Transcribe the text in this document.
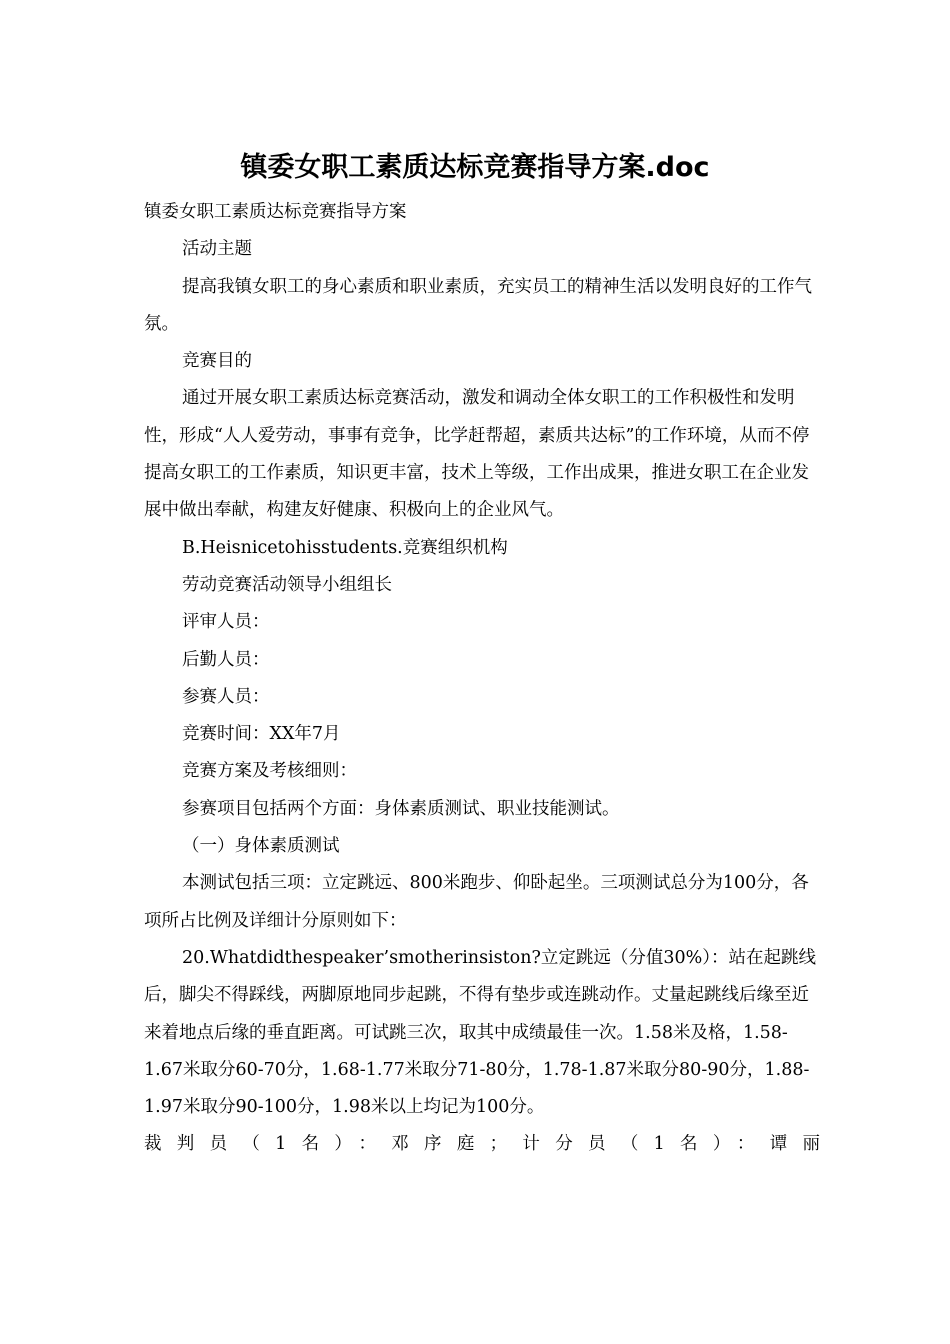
镇委女职工素质达标竞赛指导方案.doc

镇委女职工素质达标竞赛指导方案

活动主题

提高我镇女职工的身心素质和职业素质，充实员工的精神生活以发明良好的工作气氛。

竞赛目的

通过开展女职工素质达标竞赛活动，激发和调动全体女职工的工作积极性和发明性，形成“人人爱劳动，事事有竞争，比学赶帮超，素质共达标”的工作环境，从而不停提高女职工的工作素质，知识更丰富，技术上等级，工作出成果，推进女职工在企业发展中做出奉献，构建友好健康、积极向上的企业风气。

B.Heisnicetohisstudents.竞赛组织机构

劳动竞赛活动领导小组组长

评审人员：

后勤人员：

参赛人员：

竞赛时间：XX年7月

竞赛方案及考核细则：

参赛项目包括两个方面：身体素质测试、职业技能测试。

（一）身体素质测试

本测试包括三项：立定跳远、800米跑步、仰卧起坐。三项测试总分为100分，各项所占比例及详细计分原则如下：

20.Whatdidthespeaker’smotherinsiston?立定跳远（分值30%）：站在起跳线后，脚尖不得踩线，两脚原地同步起跳，不得有垫步或连跳动作。丈量起跳线后缘至近来着地点后缘的垂直距离。可试跳三次，取其中成绩最佳一次。1.58米及格，1.58-1.67米取分60-70分，1.68-1.77米取分71-80分，1.78-1.87米取分80-90分，1.88-1.97米取分90-100分，1.98米以上均记为100分。

裁判员（1名）：邓序庭；计分员（1名）：谭丽
